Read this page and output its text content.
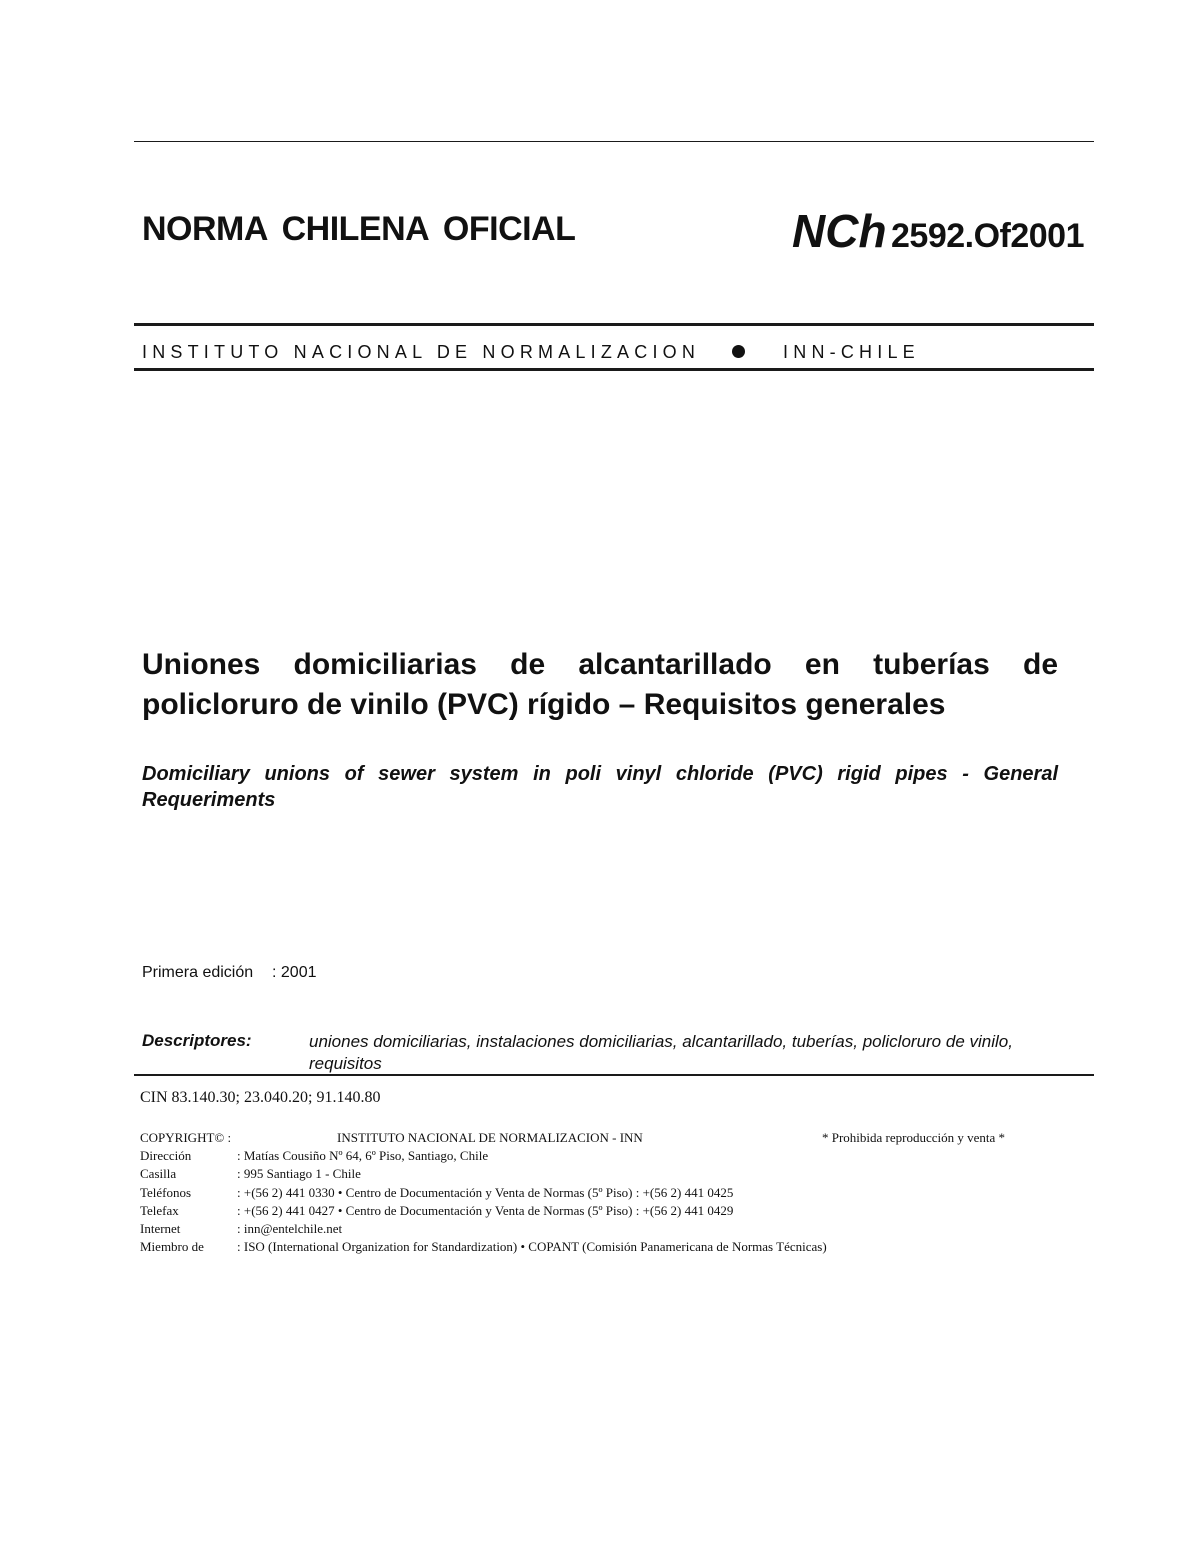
NORMA CHILENA OFICIAL	NCh 2592.Of2001
INSTITUTO NACIONAL DE NORMALIZACION	INN-CHILE
Uniones domiciliarias de alcantarillado en tuberías de policloruro de vinilo (PVC) rígido – Requisitos generales
Domiciliary unions of sewer system in poli vinyl chloride (PVC) rigid pipes - General Requeriments
Primera edición : 2001
Descriptores:	uniones domiciliarias, instalaciones domiciliarias, alcantarillado, tuberías, policloruro de vinilo, requisitos
CIN 83.140.30; 23.040.20; 91.140.80
COPYRIGHT© :	INSTITUTO NACIONAL DE NORMALIZACION - INN	* Prohibida reproducción y venta *
Dirección	: Matías Cousiño Nº 64, 6º Piso, Santiago, Chile
Casilla	: 995 Santiago 1 - Chile
Teléfonos	: +(56 2) 441 0330 • Centro de Documentación y Venta de Normas (5º Piso) : +(56 2) 441 0425
Telefax	: +(56 2) 441 0427 • Centro de Documentación y Venta de Normas (5º Piso) : +(56 2) 441 0429
Internet	: inn@entelchile.net
Miembro de	: ISO (International Organization for Standardization) • COPANT (Comisión Panamericana de Normas Técnicas)
